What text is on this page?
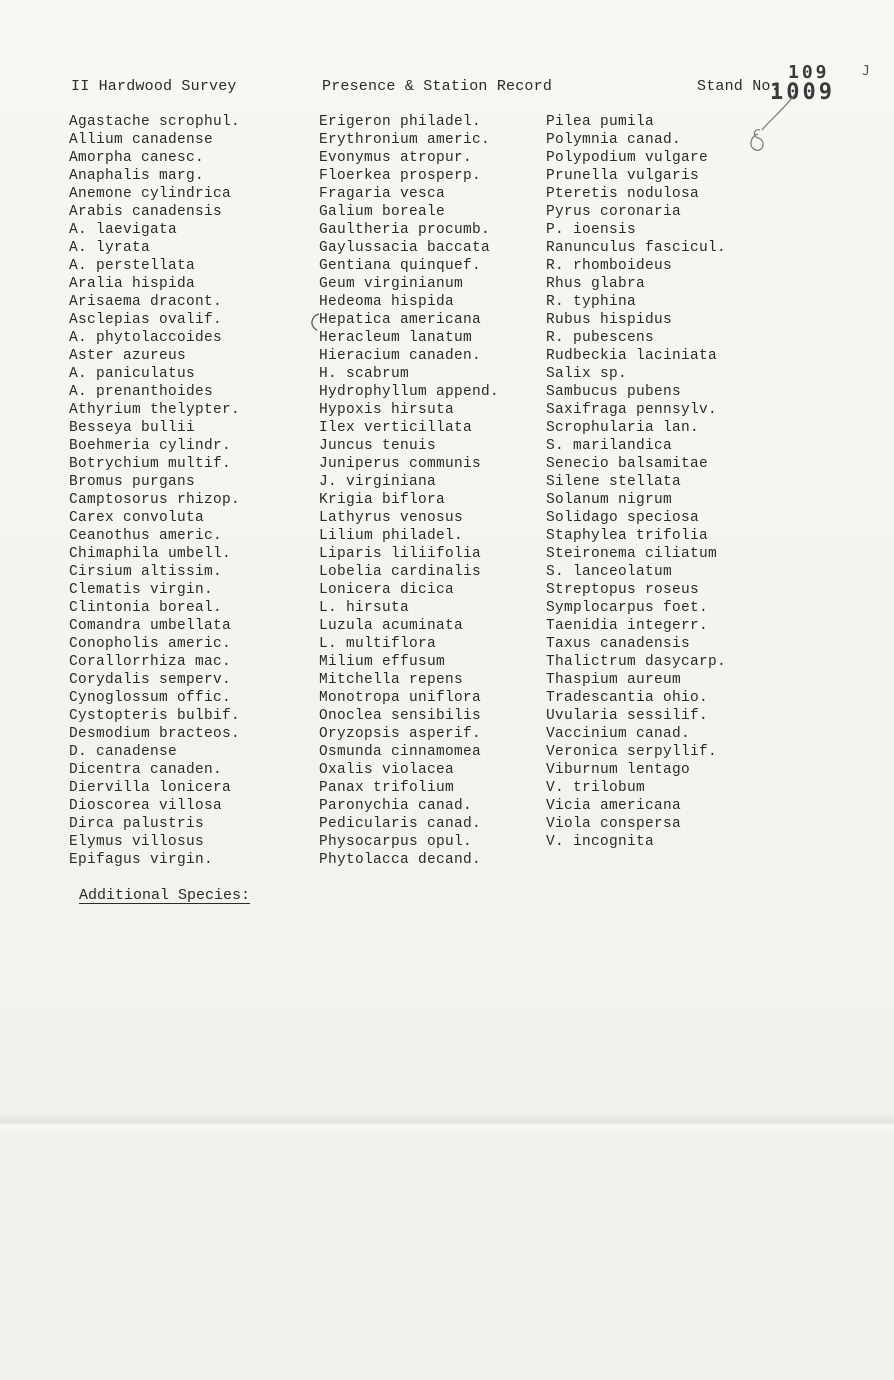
II Hardwood Survey	Presence & Station Record	Stand No.
109
1009
J
Agastache scrophul.
Allium canadense
Amorpha canesc.
Anaphalis marg.
Anemone cylindrica
Arabis canadensis
A. laevigata
A. lyrata
A. perstellata
Aralia hispida
Arisaema dracont.
Asclepias ovalif.
A. phytolaccoides
Aster azureus
A. paniculatus
A. prenanthoides
Athyrium thelypter.
Besseya bullii
Boehmeria cylindr.
Botrychium multif.
Bromus purgans
Camptosorus rhizop.
Carex convoluta
Ceanothus americ.
Chimaphila umbell.
Cirsium altissim.
Clematis virgin.
Clintonia boreal.
Comandra umbellata
Conopholis americ.
Corallorrhiza mac.
Corydalis semperv.
Cynoglossum offic.
Cystopteris bulbif.
Desmodium bracteos.
D. canadense
Dicentra canaden.
Diervilla lonicera
Dioscorea villosa
Dirca palustris
Elymus villosus
Epifagus virgin.
Erigeron philadel.
Erythronium americ.
Evonymus atropur.
Floerkea prosperp.
Fragaria vesca
Galium boreale
Gaultheria procumb.
Gaylussacia baccata
Gentiana quinquef.
Geum virginianum
Hedeoma hispida
Hepatica americana
Heracleum lanatum
Hieracium canaden.
H. scabrum
Hydrophyllum append.
Hypoxis hirsuta
Ilex verticillata
Juncus tenuis
Juniperus communis
J. virginiana
Krigia biflora
Lathyrus venosus
Lilium philadel.
Liparis liliifolia
Lobelia cardinalis
Lonicera dicica
L. hirsuta
Luzula acuminata
L. multiflora
Milium effusum
Mitchella repens
Monotropa uniflora
Onoclea sensibilis
Oryzopsis asperif.
Osmunda cinnamomea
Oxalis violacea
Panax trifolium
Paronychia canad.
Pedicularis canad.
Physocarpus opul.
Phytolacca decand.
Pilea pumila
Polymnia canad.
Polypodium vulgare
Prunella vulgaris
Pteretis nodulosa
Pyrus coronaria
P. ioensis
Ranunculus fascicul.
R. rhomboideus
Rhus glabra
R. typhina
Rubus hispidus
R. pubescens
Rudbeckia laciniata
Salix sp.
Sambucus pubens
Saxifraga pennsylv.
Scrophularia lan.
S. marilandica
Senecio balsamitae
Silene stellata
Solanum nigrum
Solidago speciosa
Staphylea trifolia
Steironema ciliatum
S. lanceolatum
Streptopus roseus
Symplocarpus foet.
Taenidia integerr.
Taxus canadensis
Thalictrum dasycarp.
Thaspium aureum
Tradescantia ohio.
Uvularia sessilif.
Vaccinium canad.
Veronica serpyllif.
Viburnum lentago
V. trilobum
Vicia americana
Viola conspersa
V. incognita
Additional Species:
